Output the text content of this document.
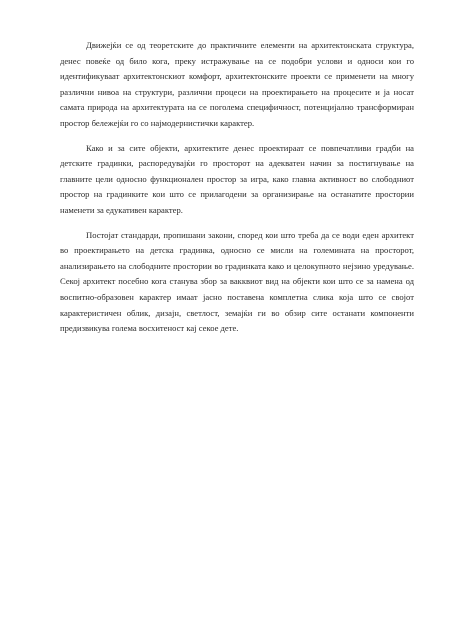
Движејќи се од теоретските до практичните елементи на архитектонската структура, денес повеќе од било кога, преку истражување на се подобри услови и односи кои го идентификуваат архитектонскиот комфорт, архитектонските проекти се применети на многу различни нивоа на структури, различни процеси на проектирањето на процесите и ја носат самата природа на архитектурата на се поголема специфичност, потенцијално трансформиран простор бележејќи го со најмодернистички карактер.

Како и за сите објекти, архитектите денес проектираат се повпечатливи градби на детските градинки, распоредувајќи го просторот на адекватен начин за постигнување на главните цели односно функционален простор за игра, како главна активност во слободниот простор на градинките кои што се прилагодени за организирање на останатите простории наменети за едукативен карактер.

Постојат стандарди, пропишани закони, според кои што треба да се води еден архитект во проектирањето на детска градинка, односно се мисли на големината на просторот, анализирањето на слободните простории во градинката како и целокупното нејзино уредување. Секој архитект посебно кога станува збор за вакквиот вид на објекти кои што се за намена од воспитно-образовен карактер имаат јасно поставена комплетна слика која што се својот карактеристичен облик, дизајн, светлост, земајќи ги во обзир сите останати компоненти предизвикува голема восхитеност кај секое дете.
